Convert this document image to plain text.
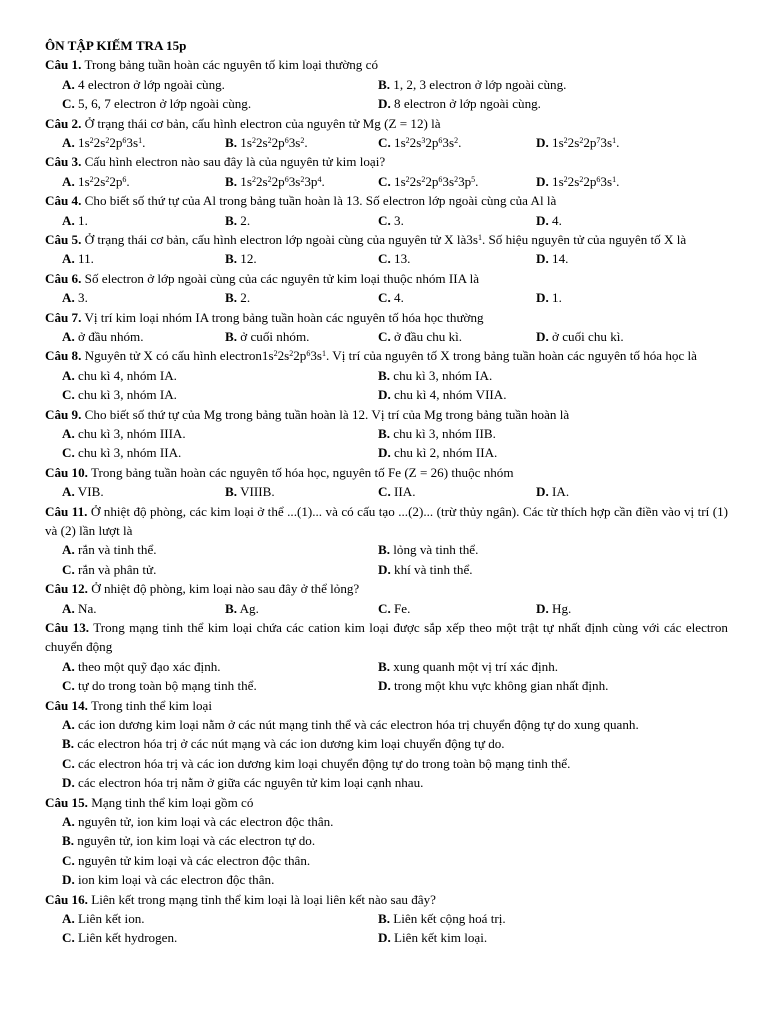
ÔN TẬP KIẾM TRA 15p
Câu 1. Trong bảng tuần hoàn các nguyên tố kim loại thường có
A. 4 electron ở lớp ngoài cùng.	B. 1, 2, 3 electron ở lớp ngoài cùng.
C. 5, 6, 7 electron ở lớp ngoài cùng.	D. 8 electron ở lớp ngoài cùng.
Câu 2. Ở trạng thái cơ bản, cấu hình electron của nguyên tử Mg (Z = 12) là
A. $1s^22s^22p^63s^1$.	B. $1s^22s^22p^63s^2$.	C. $1s^22s^32p^63s^2$.	D. $1s^22s^22p^73s^1$.
Câu 3. Cấu hình electron nào sau đây là của nguyên tử kim loại?
A. $1s^22s^22p^6$.	B. $1s^22s^22p^63s^23p^4$.	C. $1s^22s^22p^63s^23p^5$.	D. $1s^22s^22p^63s^1$.
Câu 4. Cho biết số thứ tự của Al trong bảng tuần hoàn là 13. Số electron lớp ngoài cùng của Al là
A. 1.	B. 2.	C. 3.	D. 4.
Câu 5. Ở trạng thái cơ bản, cấu hình electron lớp ngoài cùng của nguyên tử X $là3s^1$. Số hiệu nguyên tử của nguyên tố X là
A. 11.	B. 12.	C. 13.	D. 14.
Câu 6. Số electron ở lớp ngoài cùng của các nguyên tử kim loại thuộc nhóm IIA là
A. 3.	B. 2.	C. 4.	D. 1.
Câu 7. Vị trí kim loại nhóm IA trong bảng tuần hoàn các nguyên tố hóa học thường
A. ở đầu nhóm.	B. ở cuối nhóm.	C. ở đầu chu kì.	D. ở cuối chu kì.
Câu 8. Nguyên tử X có cấu hình $electron1s^22s^22p^63s^1$. Vị trí của nguyên tố X trong bảng tuần hoàn các nguyên tố hóa học là
A. chu kì 4, nhóm IA.	B. chu kì 3, nhóm IA.
C. chu kì 3, nhóm IA.	D. chu kì 4, nhóm VIIA.
Câu 9. Cho biết số thứ tự của Mg trong bảng tuần hoàn là 12. Vị trí của Mg trong bảng tuần hoàn là
A. chu kì 3, nhóm IIIA.	B. chu kì 3, nhóm IIB.
C. chu kì 3, nhóm IIA.	D. chu kì 2, nhóm IIA.
Câu 10. Trong bảng tuần hoàn các nguyên tố hóa học, nguyên tố Fe (Z = 26) thuộc nhóm
A. VIB.	B. VIIIB.	C. IIA.	D. IA.
Câu 11. Ở nhiệt độ phòng, các kim loại ở thể ...(1)... và có cấu tạo ...(2)... (trừ thủy ngân). Các từ thích hợp cần điền vào vị trí (1) và (2) lần lượt là
A. rắn và tinh thể.	B. lỏng và tinh thể.
C. rắn và phân tử.	D. khí và tinh thể.
Câu 12. Ở nhiệt độ phòng, kim loại nào sau đây ở thể lỏng?
A. Na.	B. Ag.	C. Fe.	D. Hg.
Câu 13. Trong mạng tinh thể kim loại chứa các cation kim loại được sắp xếp theo một trật tự nhất định cùng với các electron chuyển động
A. theo một quỹ đạo xác định.	B. xung quanh một vị trí xác định.
C. tự do trong toàn bộ mạng tinh thể.	D. trong một khu vực không gian nhất định.
Câu 14. Trong tinh thể kim loại
A. các ion dương kim loại nằm ở các nút mạng tinh thể và các electron hóa trị chuyển động tự do xung quanh.
B. các electron hóa trị ở các nút mạng và các ion dương kim loại chuyển động tự do.
C. các electron hóa trị và các ion dương kim loại chuyển động tự do trong toàn bộ mạng tinh thể.
D. các electron hóa trị nằm ở giữa các nguyên tử kim loại cạnh nhau.
Câu 15. Mạng tinh thể kim loại gồm có
A. nguyên tử, ion kim loại và các electron độc thân.
B. nguyên tử, ion kim loại và các electron tự do.
C. nguyên tử kim loại và các electron độc thân.
D. ion kim loại và các electron độc thân.
Câu 16. Liên kết trong mạng tỉnh thể kim loại là loại liên kết nào sau đây?
A. Liên kết ion.	B. Liên kết cộng hoá trị.
C. Liên kết hydrogen.	D. Liên kết kim loại.
